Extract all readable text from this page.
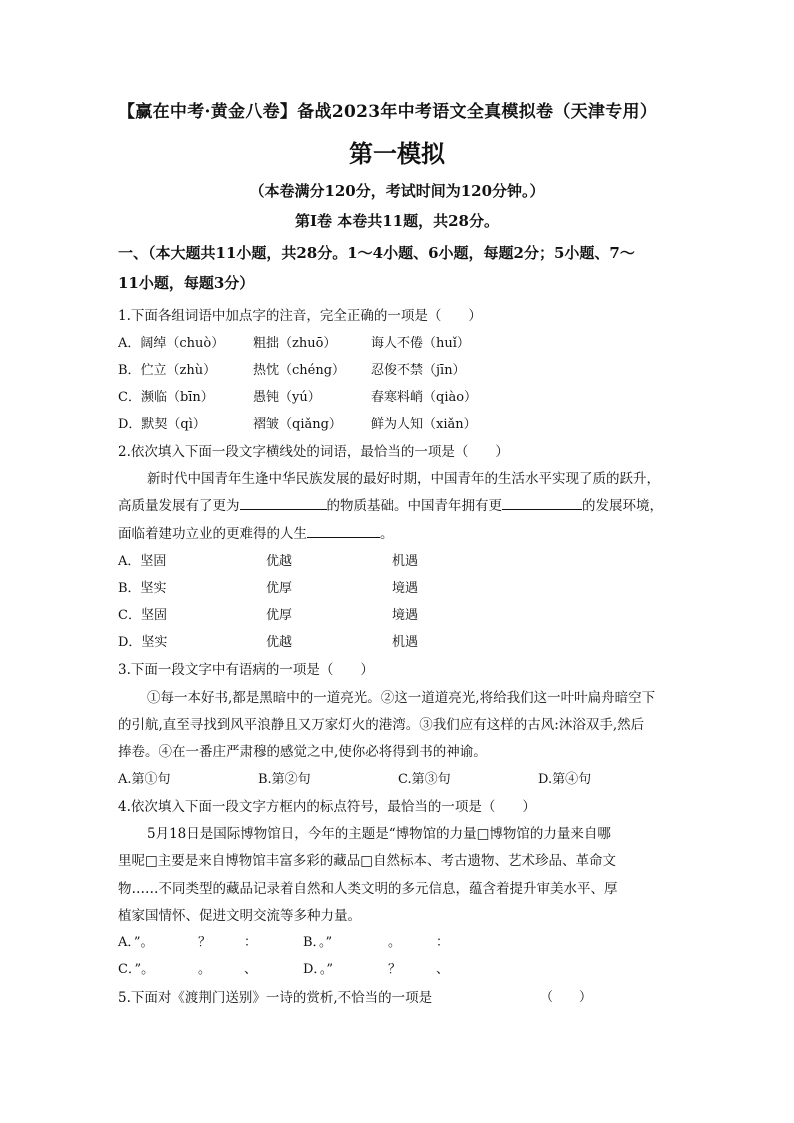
【赢在中考·黄金八卷】备战2023年中考语文全真模拟卷（天津专用）
第一模拟
（本卷满分120分，考试时间为120分钟。）
第Ⅰ卷 本卷共11题，共28分。
一、（本大题共11小题，共28分。1～4小题、6小题，每题2分；5小题、7～
11小题，每题3分）
1.下面各组词语中加点字的注音，完全正确的一项是（　　）
A．阔绰（chuò） 粗拙（zhuō）	诲人不倦（huǐ）
B．伫立（zhù）	热忱（chéng） 忍俊不禁（jīn）
C．濒临（bīn）	愚钝（yú）	春寒料峭（qiào）
D．默契（qì）	褶皱（qiǎng） 鲜为人知（xiǎn）
2.依次填入下面一段文字横线处的词语，最恰当的一项是（　　）
新时代中国青年生逢中华民族发展的最好时期，中国青年的生活水平实现了质的跃升，
高质量发展有了更为	的物质基础。中国青年拥有更	的发展环境，
面临着建功立业的更难得的人生	。
A．坚固	优越	机遇
B．坚实	优厚	境遇
C．坚固	优厚	境遇
D．坚实	优越	机遇
3.下面一段文字中有语病的一项是（　　）
①每一本好书,都是黑暗中的一道亮光。②这一道道亮光,将给我们这一叶叶扁舟暗空下
的引航,直至寻找到风平浪静且又万家灯火的港湾。③我们应有这样的古风:沐浴双手,然后
捧卷。④在一番庄严肃穆的感觉之中,使你必将得到书的神谕。
A.第①句	B.第②句	C.第③句	D.第④句
4.依次填入下面一段文字方框内的标点符号，最恰当的一项是（　　）
5月18日是国际博物馆日，今年的主题是“博物馆的力量□博物馆的力量来自哪
里呢□主要是来自博物馆丰富多彩的藏品□自然标本、考古遗物、艺术珍品、革命文
物……不同类型的藏品记录着自然和人类文明的多元信息，蕴含着提升审美水平、厚
植家国情怀、促进文明交流等多种力量。
A．”。	？	：	B．。”	。	：
C．”。	。	、	D．。”	？	、
5.下面对《渡荆门送别》一诗的赏析,不恰当的一项是	（　　）
